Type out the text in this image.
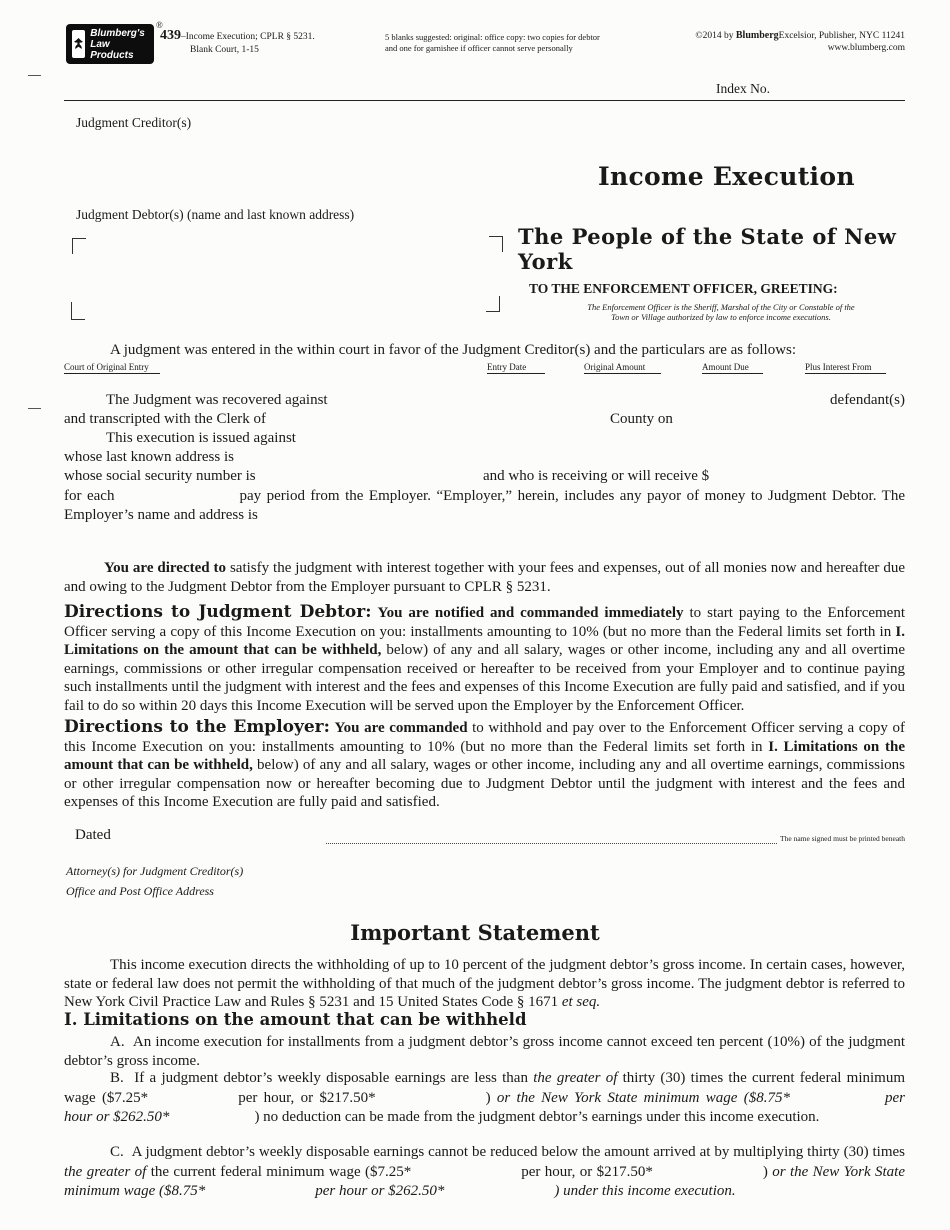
Blumberg's
Law Products
®
439–Income Execution; CPLR § 5231.
Blank Court, 1-15
5 blanks suggested: original: office copy: two copies for debtor
and one for garnishee if officer cannot serve personally
©2014 by BlumbergExcelsior, Publisher, NYC 11241
www.blumberg.com
Index No.
Judgment Creditor(s)
Income Execution
Judgment Debtor(s) (name and last known address)
The People of the State of New York
TO THE ENFORCEMENT OFFICER, GREETING:
The Enforcement Officer is the Sheriff, Marshal of the City or Constable of the
Town or Village authorized by law to enforce income executions.

A judgment was entered in the within court in favor of the Judgment Creditor(s) and the particulars are as follows:

Court of Original Entry	Entry Date	Original Amount	Amount Due	Plus Interest From
The Judgment was recovered against	defendant(s)
and transcripted with the Clerk of	County on
This execution is issued against
whose last known address is
whose social security number is	and who is receiving or will receive $
for each	pay period from the Employer. “Employer,” herein, includes any payor of money to Judgment Debtor. The Employer’s name and address is

You are directed to satisfy the judgment with interest together with your fees and expenses, out of all monies now and hereafter due and owing to the Judgment Debtor from the Employer pursuant to CPLR § 5231.

Directions to Judgment Debtor: You are notified and commanded immediately to start paying to the Enforcement Officer serving a copy of this Income Execution on you: installments amounting to 10% (but no more than the Federal limits set forth in I. Limitations on the amount that can be withheld, below) of any and all salary, wages or other income, including any and all overtime earnings, commissions or other irregular compensation received or hereafter to be received from your Employer and to continue paying such installments until the judgment with interest and the fees and expenses of this Income Execution are fully paid and satisfied, and if you fail to do so within 20 days this Income Execution will be served upon the Employer by the Enforcement Officer.

Directions to the Employer: You are commanded to withhold and pay over to the Enforcement Officer serving a copy of this Income Execution on you: installments amounting to 10% (but no more than the Federal limits set forth in I. Limitations on the amount that can be withheld, below) of any and all salary, wages or other income, including any and all overtime earnings, commissions or other irregular compensation now or hereafter becoming due to Judgment Debtor until the judgment with interest and the fees and expenses of this Income Execution are fully paid and satisfied.

Dated	The name signed must be printed beneath
Attorney(s) for Judgment Creditor(s)
Office and Post Office Address
Important Statement

This income execution directs the withholding of up to 10 percent of the judgment debtor’s gross income. In certain cases, however, state or federal law does not permit the withholding of that much of the judgment debtor’s gross income. The judgment debtor is referred to New York Civil Practice Law and Rules § 5231 and 15 United States Code § 1671 et seq.

I. Limitations on the amount that can be withheld

A.  An income execution for installments from a judgment debtor’s gross income cannot exceed ten percent (10%) of the judgment debtor’s gross income.

B.  If a judgment debtor’s weekly disposable earnings are less than the greater of thirty (30) times the current federal minimum wage ($7.25*	per hour, or $217.50*	) or the New York State minimum wage ($8.75*	per hour or $262.50*	) no deduction can be made from the judgment debtor’s earnings under this income execution.

C.  A judgment debtor’s weekly disposable earnings cannot be reduced below the amount arrived at by multiplying thirty (30) times the greater of the current federal minimum wage ($7.25*	per hour, or $217.50*	) or the New York State minimum wage ($8.75*	per hour or $262.50*	) under this income execution.
